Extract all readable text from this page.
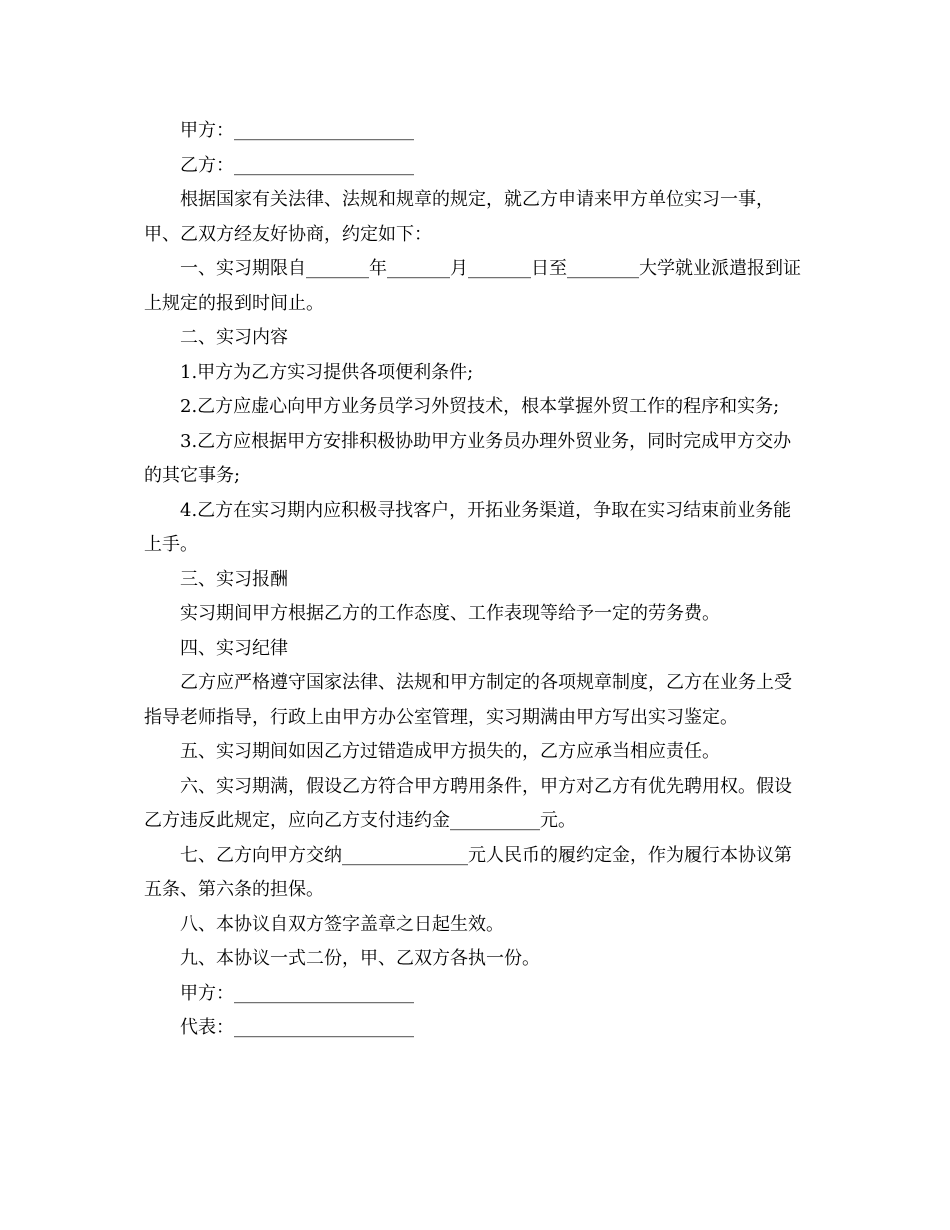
甲方：____________________

乙方：____________________

根据国家有关法律、法规和规章的规定，就乙方申请来甲方单位实习一事，甲、乙双方经友好协商，约定如下：

一、实习期限自_______年_______月_______日至________大学就业派遣报到证上规定的报到时间止。

二、实习内容

1.甲方为乙方实习提供各项便利条件;

2.乙方应虚心向甲方业务员学习外贸技术，根本掌握外贸工作的程序和实务;

3.乙方应根据甲方安排积极协助甲方业务员办理外贸业务，同时完成甲方交办的其它事务;

4.乙方在实习期内应积极寻找客户，开拓业务渠道，争取在实习结束前业务能上手。

三、实习报酬

实习期间甲方根据乙方的工作态度、工作表现等给予一定的劳务费。

四、实习纪律

乙方应严格遵守国家法律、法规和甲方制定的各项规章制度，乙方在业务上受指导老师指导，行政上由甲方办公室管理，实习期满由甲方写出实习鉴定。

五、实习期间如因乙方过错造成甲方损失的，乙方应承当相应责任。

六、实习期满，假设乙方符合甲方聘用条件，甲方对乙方有优先聘用权。假设乙方违反此规定，应向乙方支付违约金__________元。

七、乙方向甲方交纳______________元人民币的履约定金，作为履行本协议第五条、第六条的担保。

八、本协议自双方签字盖章之日起生效。

九、本协议一式二份，甲、乙双方各执一份。

甲方：____________________

代表：____________________
